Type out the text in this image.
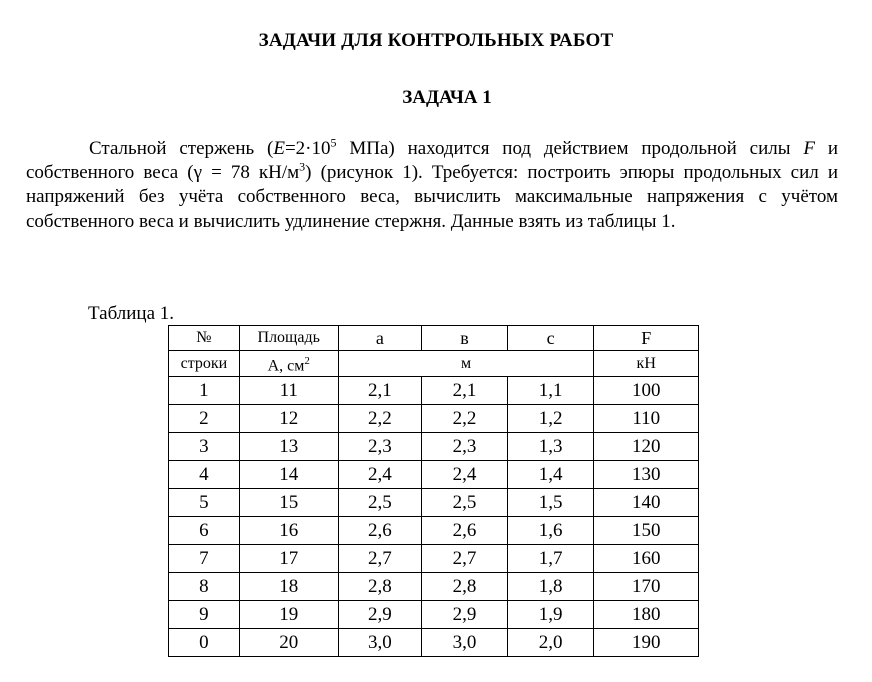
ЗАДАЧИ ДЛЯ КОНТРОЛЬНЫХ РАБОТ
ЗАДАЧА 1

Стальной стержень ($E=2\cdot 10^5$ МПа) находится под действием продольной силы F и собственного веса (γ = 78 $кН/м^3$) (рисунок 1). Требуется: построить эпюры продольных сил и напряжений без учёта собственного веса, вычислить максимальные напряжения с учётом собственного веса и вычислить удлинение стержня. Данные взять из таблицы 1.

Таблица 1.
№	Площадь	a	в	с	F
строки	А, $см^2$	м			кН
1	11	2,1	2,1	1,1	100
2	12	2,2	2,2	1,2	110
3	13	2,3	2,3	1,3	120
4	14	2,4	2,4	1,4	130
5	15	2,5	2,5	1,5	140
6	16	2,6	2,6	1,6	150
7	17	2,7	2,7	1,7	160
8	18	2,8	2,8	1,8	170
9	19	2,9	2,9	1,9	180
0	20	3,0	3,0	2,0	190
